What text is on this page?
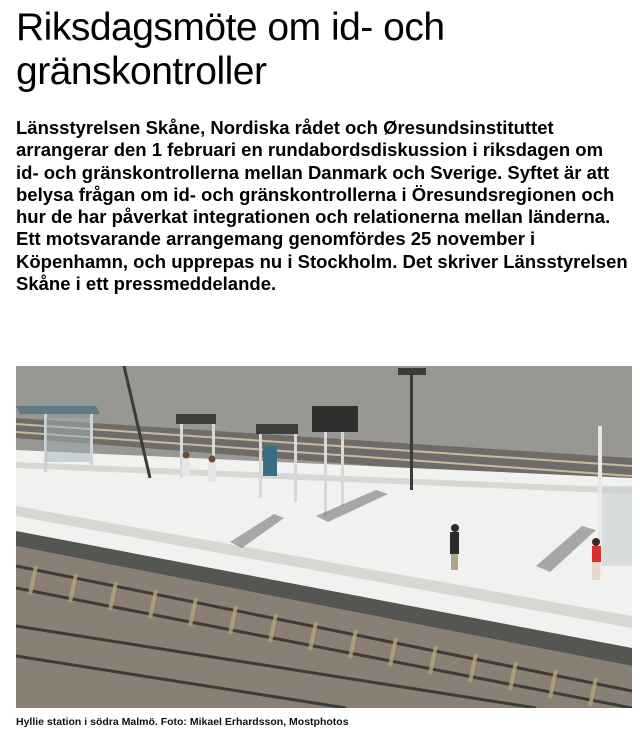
Riksdagsmöte om id- och gränskontroller

Länsstyrelsen Skåne, Nordiska rådet och Øresundsinstituttet arrangerar den 1 februari en rundabordsdiskussion i riksdagen om id- och gränskontrollerna mellan Danmark och Sverige. Syftet är att belysa frågan om id- och gränskontrollerna i Öresundsregionen och hur de har påverkat integrationen och relationerna mellan länderna. Ett motsvarande arrangemang genomfördes 25 november i Köpenhamn, och upprepas nu i Stockholm. Det skriver Länsstyrelsen Skåne i ett pressmeddelande.

Hyllie station i södra Malmö. Foto: Mikael Erhardsson, Mostphotos
